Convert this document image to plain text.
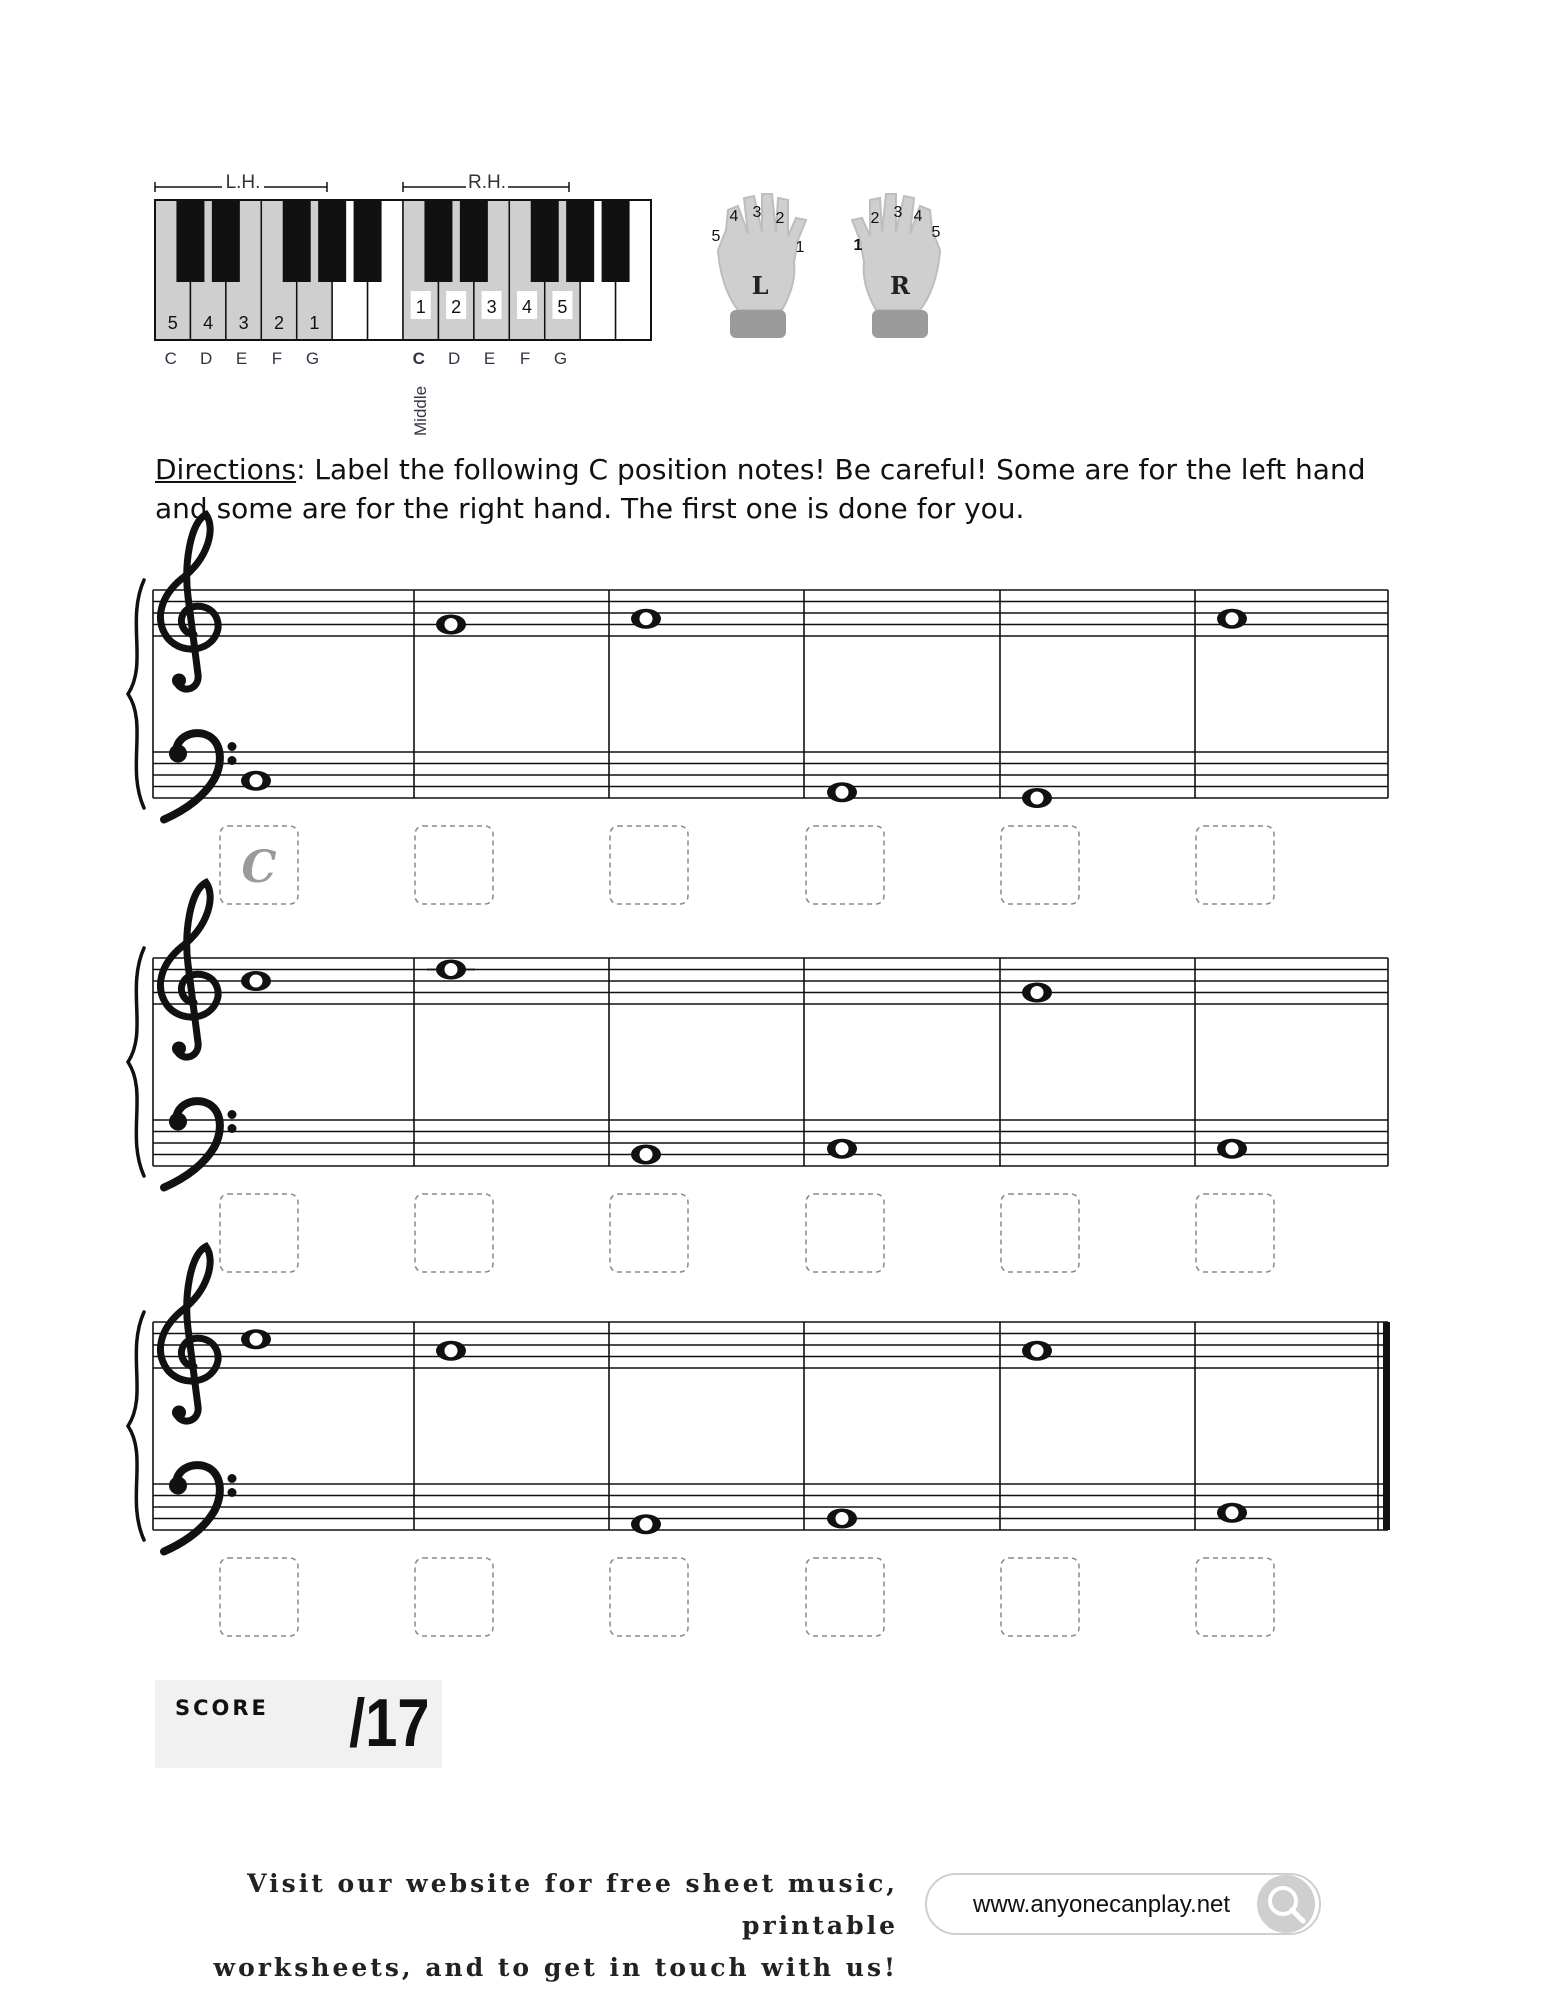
5 4 3 2 1
1 2 3 4 5
L.H.	R.H.
C D E F G	C D E F G
Middle
L
5
4 3 2
1
R
1
2 3 4
5
C
Directions: Label the following C position notes! Be careful! Some are for the left hand and some are for the right hand. The first one is done for you.
SCORE /17
Visit our website for free sheet music, printable
worksheets, and to get in touch with us!
www.anyonecanplay.net
